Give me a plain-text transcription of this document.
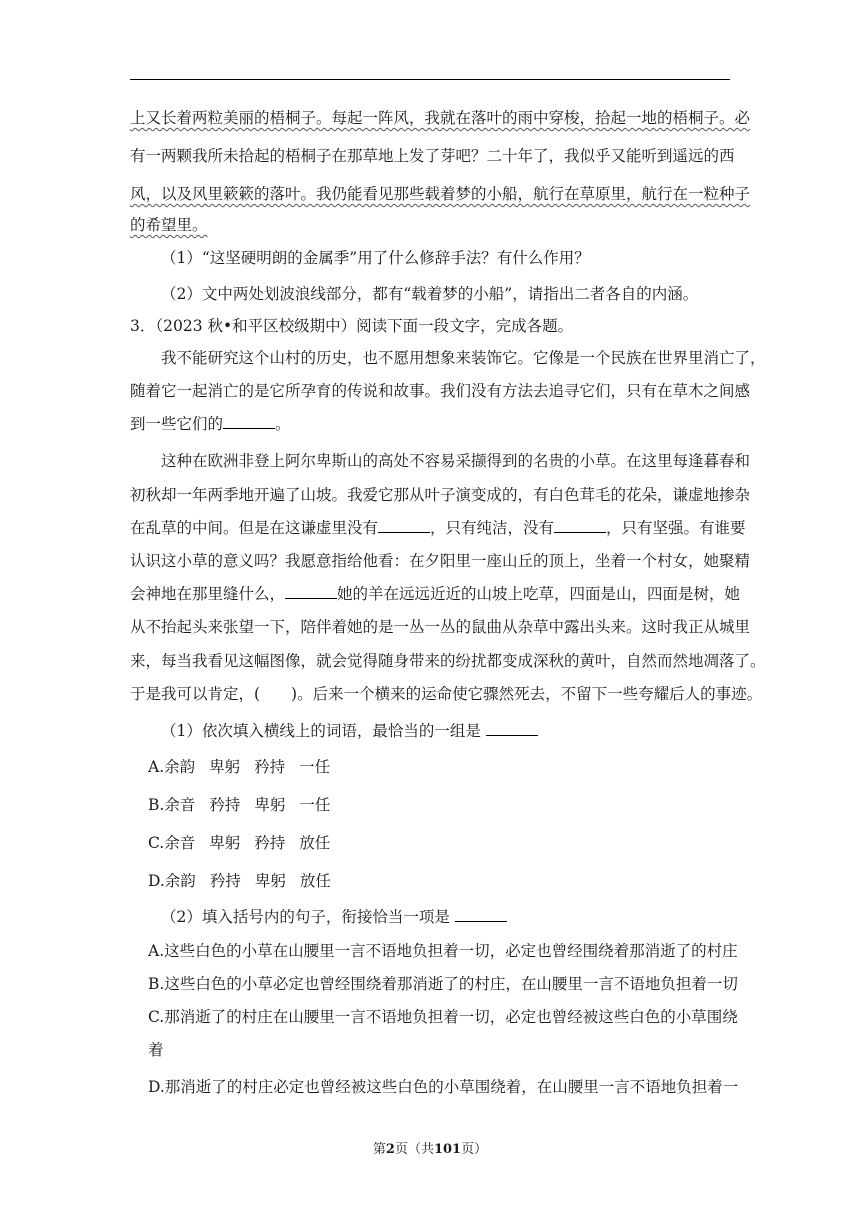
上又长着两粒美丽的梧桐子。每起一阵风，我就在落叶的雨中穿梭，拾起一地的梧桐子。必
有一两颗我所未拾起的梧桐子在那草地上发了芽吧？二十年了，我似乎又能听到遥远的西
风，以及风里簌簌的落叶。我仍能看见那些载着梦的小船，航行在草原里，航行在一粒种子
的希望里。
（1）“这坚硬明朗的金属季”用了什么修辞手法？有什么作用？
（2）文中两处划波浪线部分，都有“载着梦的小船”，请指出二者各自的内涵。
3．（2023 秋•和平区校级期中）阅读下面一段文字，完成各题。
我不能研究这个山村的历史，也不愿用想象来装饰它。它像是一个民族在世界里消亡了，
随着它一起消亡的是它所孕育的传说和故事。我们没有方法去追寻它们，只有在草木之间感
到一些它们的	。
这种在欧洲非登上阿尔卑斯山的高处不容易采撷得到的名贵的小草。在这里每逢暮春和
初秋却一年两季地开遍了山坡。我爱它那从叶子演变成的，有白色茸毛的花朵，谦虚地掺杂
在乱草的中间。但是在这谦虚里没有	，只有纯洁，没有	，只有坚强。有谁要
认识这小草的意义吗？我愿意指给他看：在夕阳里一座山丘的顶上，坐着一个村女，她聚精
会神地在那里缝什么，	她的羊在远远近近的山坡上吃草，四面是山，四面是树，她
从不抬起头来张望一下，陪伴着她的是一丛一丛的鼠曲从杂草中露出头来。这时我正从城里
来，每当我看见这幅图像，就会觉得随身带来的纷扰都变成深秋的黄叶，自然而然地凋落了。
于是我可以肯定，(　　)。后来一个横来的运命使它骤然死去，不留下一些夸耀后人的事迹。
（1）依次填入横线上的词语，最恰当的一组是
A.余韵 卑躬 矜持 一任
B.余音 矜持 卑躬 一任
C.余音 卑躬 矜持 放任
D.余韵 矜持 卑躬 放任
（2）填入括号内的句子，衔接恰当一项是
A.这些白色的小草在山腰里一言不语地负担着一切，必定也曾经围绕着那消逝了的村庄
B.这些白色的小草必定也曾经围绕着那消逝了的村庄，在山腰里一言不语地负担着一切
C.那消逝了的村庄在山腰里一言不语地负担着一切，必定也曾经被这些白色的小草围绕
着
D.那消逝了的村庄必定也曾经被这些白色的小草围绕着，在山腰里一言不语地负担着一
第2页（共101页）
